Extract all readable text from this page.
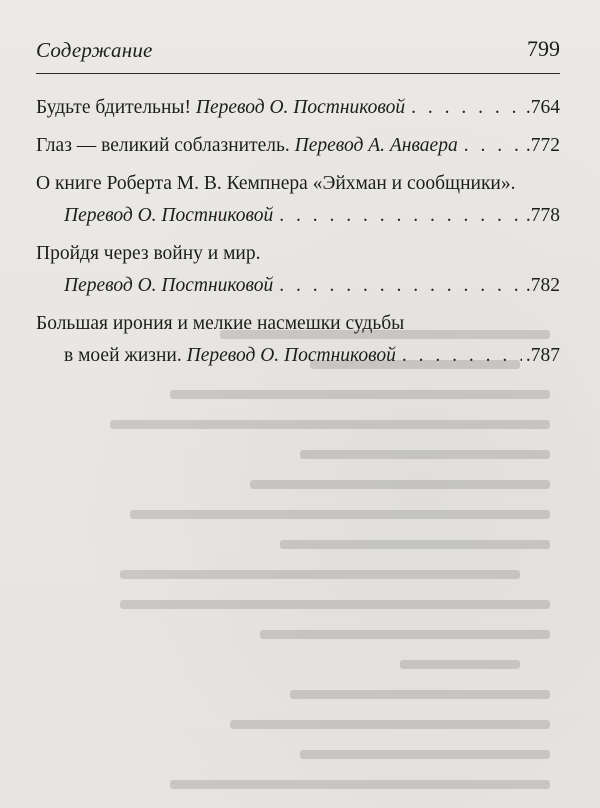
Содержание	799
Будьте бдительны! Перевод О. Постниковой . . .	.764
Глаз — великий соблазнитель. Перевод А. Анваера . . .	.772
О книге Роберта М. В. Кемпнера «Эйхман и сообщники».
Перевод О. Постниковой . . .	.778
Пройдя через войну и мир.
Перевод О. Постниковой . . .	.782
Большая ирония и мелкие насмешки судьбы
в моей жизни. Перевод О. Постниковой . . .	.787
